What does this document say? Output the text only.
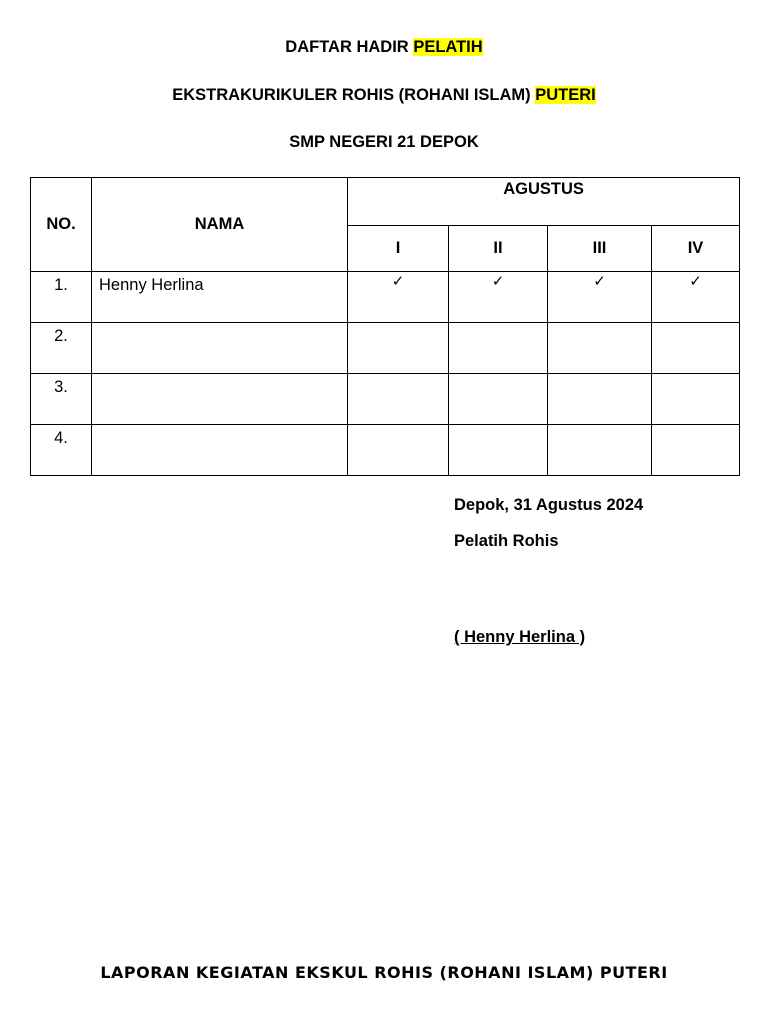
DAFTAR HADIR PELATIH
EKSTRAKURIKULER ROHIS (ROHANI ISLAM) PUTERI
SMP NEGERI 21 DEPOK
NO.	NAMA	AGUSTUS			
		I	II	III	IV
1.	Henny Herlina	✓	✓	✓	✓
2.					
3.					
4.					
Depok, 31 Agustus 2024
Pelatih Rohis
( Henny Herlina )
LAPORAN KEGIATAN EKSKUL ROHIS (ROHANI ISLAM) PUTERI
